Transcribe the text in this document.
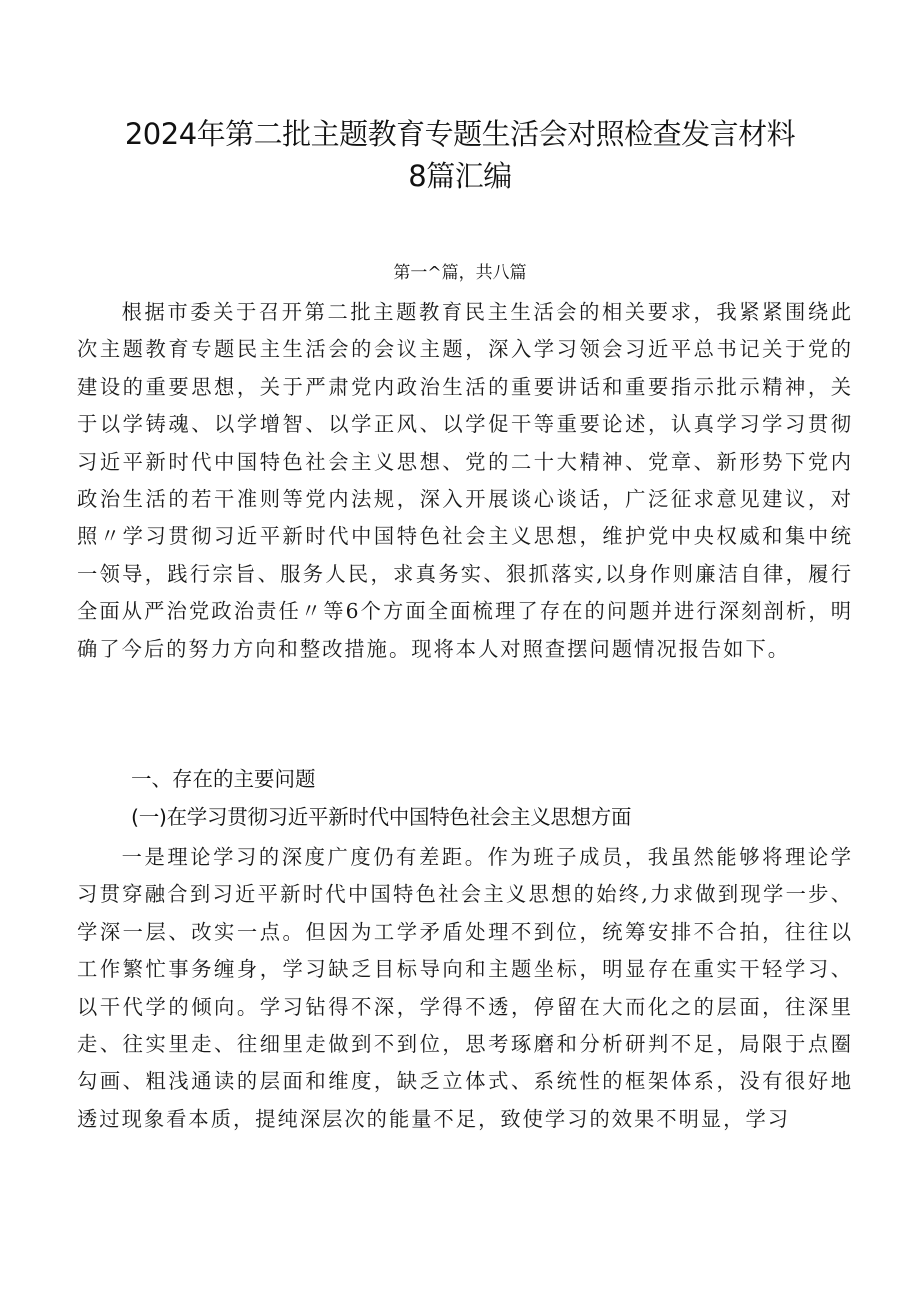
2024年第二批主题教育专题生活会对照检查发言材料
8篇汇编
第一^篇，共八篇

根据市委关于召开第二批主题教育民主生活会的相关要求，我紧紧围绕此次主题教育专题民主生活会的会议主题，深入学习领会习近平总书记关于党的建设的重要思想，关于严肃党内政治生活的重要讲话和重要指示批示精神，关于以学铸魂、以学增智、以学正风、以学促干等重要论述，认真学习学习贯彻习近平新时代中国特色社会主义思想、党的二十大精神、党章、新形势下党内政治生活的若干准则等党内法规，深入开展谈心谈话，广泛征求意见建议，对照〃学习贯彻习近平新时代中国特色社会主义思想，维护党中央权威和集中统一领导，践行宗旨、服务人民，求真务实、狠抓落实,以身作则廉洁自律，履行全面从严治党政治责任〃等6个方面全面梳理了存在的问题并进行深刻剖析，明确了今后的努力方向和整改措施。现将本人对照查摆问题情况报告如下。

一、存在的主要问题
(一)在学习贯彻习近平新时代中国特色社会主义思想方面

一是理论学习的深度广度仍有差距。作为班子成员，我虽然能够将理论学习贯穿融合到习近平新时代中国特色社会主义思想的始终,力求做到现学一步、学深一层、改实一点。但因为工学矛盾处理不到位，统筹安排不合拍，往往以工作繁忙事务缠身，学习缺乏目标导向和主题坐标，明显存在重实干轻学习、以干代学的倾向。学习钻得不深，学得不透，停留在大而化之的层面，往深里走、往实里走、往细里走做到不到位，思考琢磨和分析研判不足，局限于点圈勾画、粗浅通读的层面和维度，缺乏立体式、系统性的框架体系，没有很好地透过现象看本质，提纯深层次的能量不足，致使学习的效果不明显，学习
